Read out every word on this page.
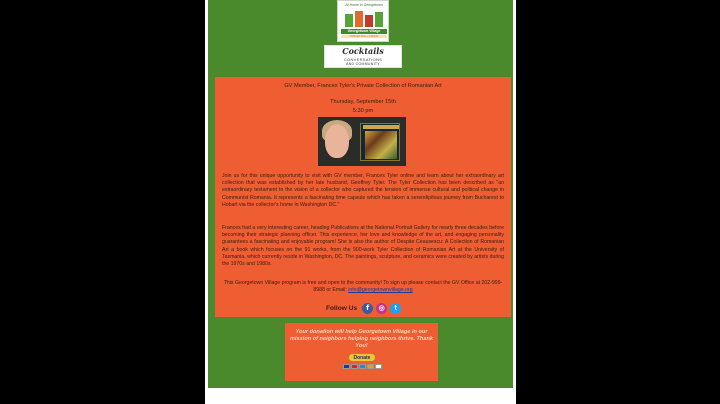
At Home in Georgetown
Georgetown Village
CONNECTING • CARING
Cocktails
CONVERSATIONS
AND COMMUNITY
GV Member, Frances Tyler's Private Collection of Romanian Art
Thursday, September 15th
5:30 pm
Join us for this unique opportunity to visit with GV member, Frances Tyler online and learn about her extraordinary art collection that was established by her late husband, Geoffrey Tyler. The Tyler Collection has been described as "an extraordinary testament to the vision of a collector who captured the tension of immense cultural and political change in Communist Romania. It represents a fascinating time capsule which has taken a serendipitous journey from Bucharest to Hobart via the collector's home in Washington DC."
Frances had a very interesting career, heading Publications at the National Portrait Gallery for nearly three decades before becoming their strategic planning officer. This experience, her love and knowledge of the art, and engaging personality guarantees a fascinating and enjoyable program! She is also the author of Despite Ceausescu: A Collection of Romanian Art a book which focuses on the 91 works, from the 900-work Tyler Collection of Romanian Art at the University of Tasmania, which currently reside in Washington, DC. The paintings, sculpture, and ceramics were created by artists during the 1970s and 1980s.
This Georgetown Village program is free and open to the community! To sign up please contact the GV Office at 202-999-8988 or Email: info@georgetownvillage.org
Follow Us	f	◎	t
Your donation will help Georgetown Village in our mission of neighbors helping neighbors thrive. Thank You!
Donate
